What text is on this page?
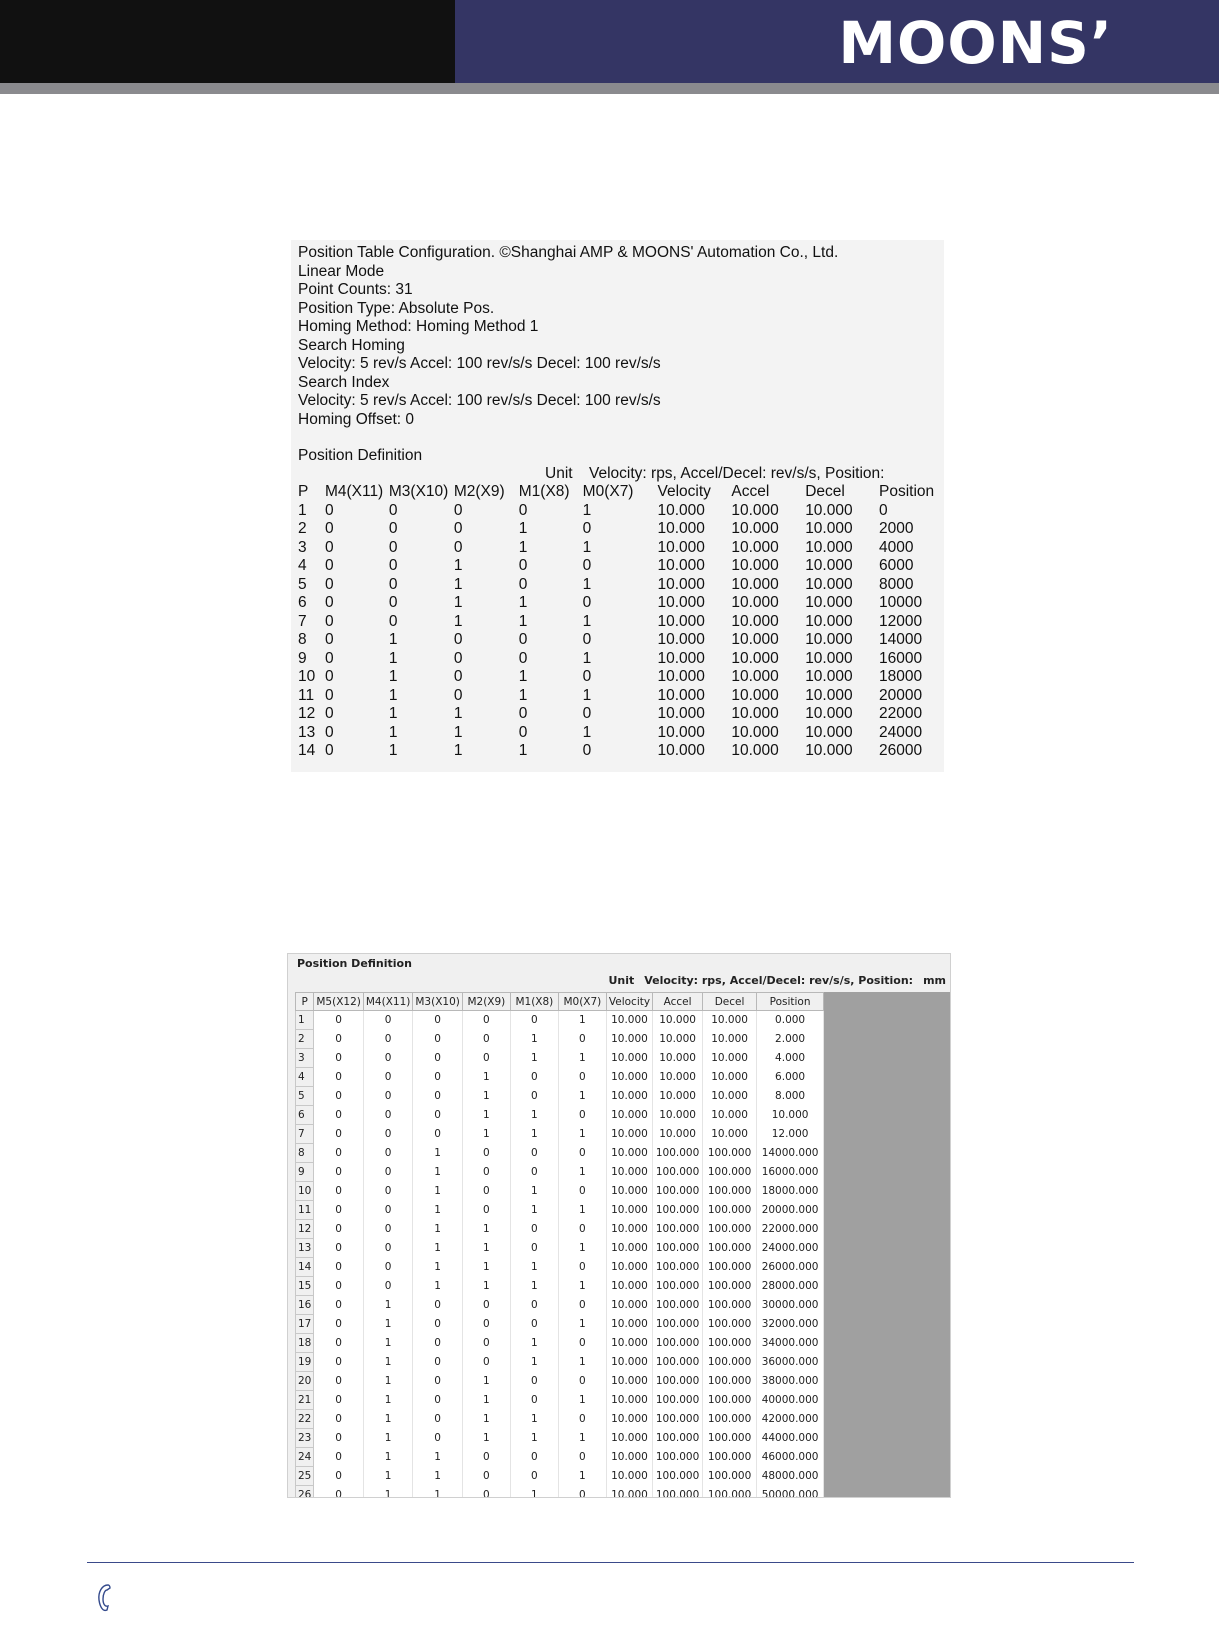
MOONS’
Position Table Configuration. ©Shanghai AMP & MOONS' Automation Co., Ltd.
Linear Mode
Point Counts: 31
Position Type: Absolute Pos.
Homing Method: Homing Method 1
Search Homing
Velocity: 5 rev/s Accel: 100 rev/s/s Decel: 100 rev/s/s
Search Index
Velocity: 5 rev/s Accel: 100 rev/s/s Decel: 100 rev/s/s
Homing Offset: 0
Position Definition
Unit Velocity: rps, Accel/Decel: rev/s/s, Position:
P	M4(X11)	M3(X10)	M2(X9)	M1(X8)	M0(X7)	Velocity	Accel	Decel	Position
1	0	0	0	0	1	10.000	10.000	10.000	0
2	0	0	0	1	0	10.000	10.000	10.000	2000
3	0	0	0	1	1	10.000	10.000	10.000	4000
4	0	0	1	0	0	10.000	10.000	10.000	6000
5	0	0	1	0	1	10.000	10.000	10.000	8000
6	0	0	1	1	0	10.000	10.000	10.000	10000
7	0	0	1	1	1	10.000	10.000	10.000	12000
8	0	1	0	0	0	10.000	10.000	10.000	14000
9	0	1	0	0	1	10.000	10.000	10.000	16000
10	0	1	0	1	0	10.000	10.000	10.000	18000
11	0	1	0	1	1	10.000	10.000	10.000	20000
12	0	1	1	0	0	10.000	10.000	10.000	22000
13	0	1	1	0	1	10.000	10.000	10.000	24000
14	0	1	1	1	0	10.000	10.000	10.000	26000
Position Definition
Unit Velocity: rps, Accel/Decel: rev/s/s, Position: mm
P	M5(X12)	M4(X11)	M3(X10)	M2(X9)	M1(X8)	M0(X7)	Velocity	Accel	Decel	Position
1	0	0	0	0	0	1	10.000	10.000	10.000	0.000
2	0	0	0	0	1	0	10.000	10.000	10.000	2.000
3	0	0	0	0	1	1	10.000	10.000	10.000	4.000
4	0	0	0	1	0	0	10.000	10.000	10.000	6.000
5	0	0	0	1	0	1	10.000	10.000	10.000	8.000
6	0	0	0	1	1	0	10.000	10.000	10.000	10.000
7	0	0	0	1	1	1	10.000	10.000	10.000	12.000
8	0	0	1	0	0	0	10.000	100.000	100.000	14000.000
9	0	0	1	0	0	1	10.000	100.000	100.000	16000.000
10	0	0	1	0	1	0	10.000	100.000	100.000	18000.000
11	0	0	1	0	1	1	10.000	100.000	100.000	20000.000
12	0	0	1	1	0	0	10.000	100.000	100.000	22000.000
13	0	0	1	1	0	1	10.000	100.000	100.000	24000.000
14	0	0	1	1	1	0	10.000	100.000	100.000	26000.000
15	0	0	1	1	1	1	10.000	100.000	100.000	28000.000
16	0	1	0	0	0	0	10.000	100.000	100.000	30000.000
17	0	1	0	0	0	1	10.000	100.000	100.000	32000.000
18	0	1	0	0	1	0	10.000	100.000	100.000	34000.000
19	0	1	0	0	1	1	10.000	100.000	100.000	36000.000
20	0	1	0	1	0	0	10.000	100.000	100.000	38000.000
21	0	1	0	1	0	1	10.000	100.000	100.000	40000.000
22	0	1	0	1	1	0	10.000	100.000	100.000	42000.000
23	0	1	0	1	1	1	10.000	100.000	100.000	44000.000
24	0	1	1	0	0	0	10.000	100.000	100.000	46000.000
25	0	1	1	0	0	1	10.000	100.000	100.000	48000.000
26	0	1	1	0	1	0	10.000	100.000	100.000	50000.000
